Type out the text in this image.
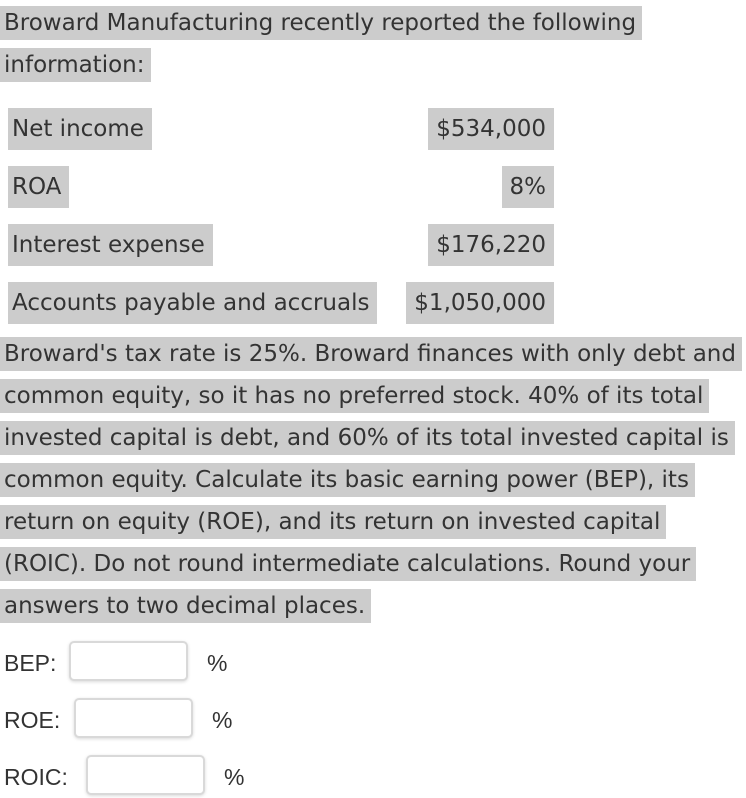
Broward Manufacturing recently reported the following information:
Net income	$534,000
ROA	8%
Interest expense	$176,220
Accounts payable and accruals	$1,050,000
Broward's tax rate is 25%. Broward finances with only debt and common equity, so it has no preferred stock. 40% of its total invested capital is debt, and 60% of its total invested capital is common equity. Calculate its basic earning power (BEP), its return on equity (ROE), and its return on invested capital (ROIC). Do not round intermediate calculations. Round your answers to two decimal places.
BEP:	%
ROE:	%
ROIC:	%
